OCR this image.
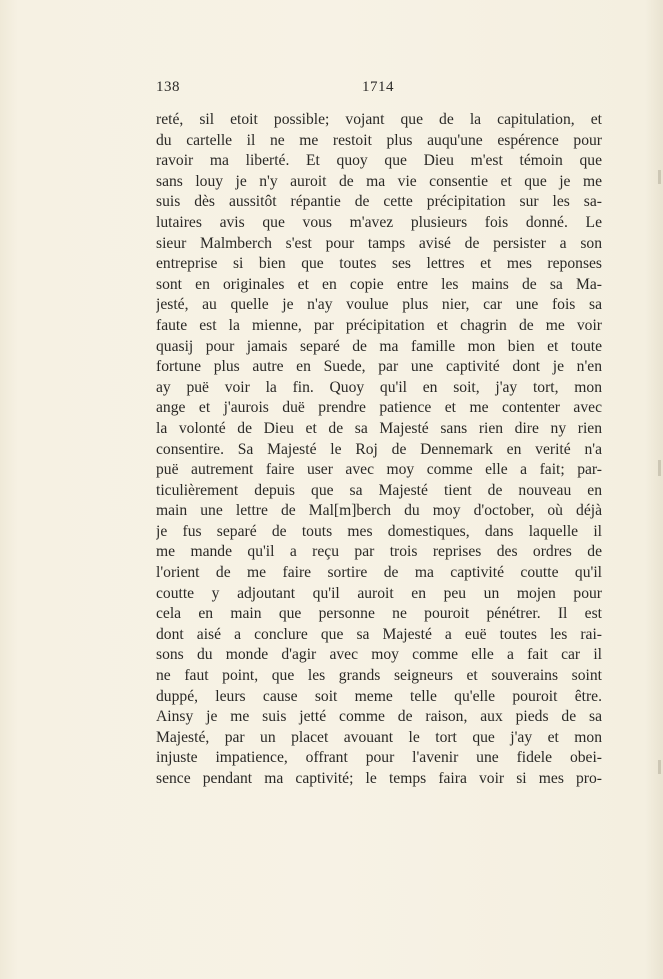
138	1714
reté, sil etoit possible; vojant que de la capitulation, et
du cartelle il ne me restoit plus auqu'une espérence pour
ravoir ma liberté. Et quoy que Dieu m'est témoin que
sans louy je n'y auroit de ma vie consentie et que je me
suis dès aussitôt répantie de cette précipitation sur les sa-
lutaires avis que vous m'avez plusieurs fois donné. Le
sieur Malmberch s'est pour tamps avisé de persister a son
entreprise si bien que toutes ses lettres et mes reponses
sont en originales et en copie entre les mains de sa Ma-
jesté, au quelle je n'ay voulue plus nier, car une fois sa
faute est la mienne, par précipitation et chagrin de me voir
quasij pour jamais separé de ma famille mon bien et toute
fortune plus autre en Suede, par une captivité dont je n'en
ay puë voir la fin. Quoy qu'il en soit, j'ay tort, mon
ange et j'aurois duë prendre patience et me contenter avec
la volonté de Dieu et de sa Majesté sans rien dire ny rien
consentire. Sa Majesté le Roj de Dennemark en verité n'a
puë autrement faire user avec moy comme elle a fait; par-
ticulièrement depuis que sa Majesté tient de nouveau en
main une lettre de Mal[m]berch du moy d'october, où déjà
je fus separé de touts mes domestiques, dans laquelle il
me mande qu'il a reçu par trois reprises des ordres de
l'orient de me faire sortire de ma captivité coutte qu'il
coutte y adjoutant qu'il auroit en peu un mojen pour
cela en main que personne ne pouroit pénétrer. Il est
dont aisé a conclure que sa Majesté a euë toutes les rai-
sons du monde d'agir avec moy comme elle a fait car il
ne faut point, que les grands seigneurs et souverains soint
duppé, leurs cause soit meme telle qu'elle pouroit être.
Ainsy je me suis jetté comme de raison, aux pieds de sa
Majesté, par un placet avouant le tort que j'ay et mon
injuste impatience, offrant pour l'avenir une fidele obei-
sence pendant ma captivité; le temps faira voir si mes pro-
